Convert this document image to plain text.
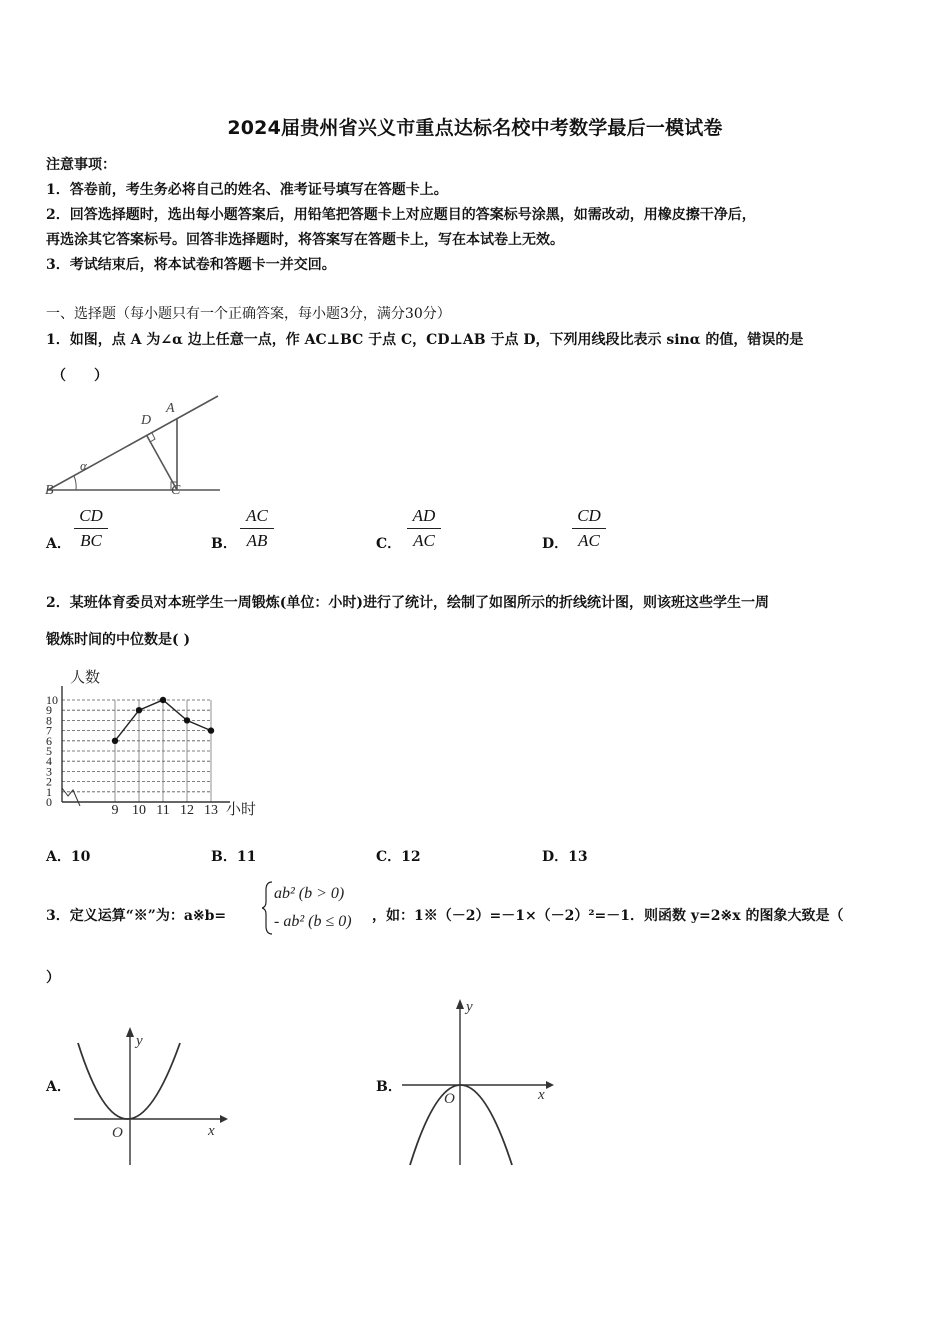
2024届贵州省兴义市重点达标名校中考数学最后一模试卷
注意事项：
1．答卷前，考生务必将自己的姓名、准考证号填写在答题卡上。
2．回答选择题时，选出每小题答案后，用铅笔把答题卡上对应题目的答案标号涂黑，如需改动，用橡皮擦干净后，
再选涂其它答案标号。回答非选择题时，将答案写在答题卡上，写在本试卷上无效。
3．考试结束后，将本试卷和答题卡一并交回。
一、选择题（每小题只有一个正确答案，每小题3分，满分30分）
1．如图，点 A 为∠α 边上任意一点，作 AC⊥BC 于点 C，CD⊥AB 于点 D，下列用线段比表示 sinα 的值，错误的是
（　　）
α
B	C
D
A
A． $\frac{CD}{BC}$	B． $\frac{AC}{AB}$	C． $\frac{AD}{AC}$	D． $\frac{CD}{AC}$
2．某班体育委员对本班学生一周锻炼(单位：小时)进行了统计，绘制了如图所示的折线统计图，则该班这些学生一周
锻炼时间的中位数是( )
人数
小时
0
1
2
3
4
5
6
7
8
9
10
9 10 11 12 13
A．10	B．11	C．12	D．13
3．定义运算“※”为：a※b=
ab² (b > 0)
- ab² (b ≤ 0) ，如：1※（－2）=－1×（－2）²=－1．则函数 y=2※x 的图象大致是（
）
A．
x
y
O
B．	x
y
O
